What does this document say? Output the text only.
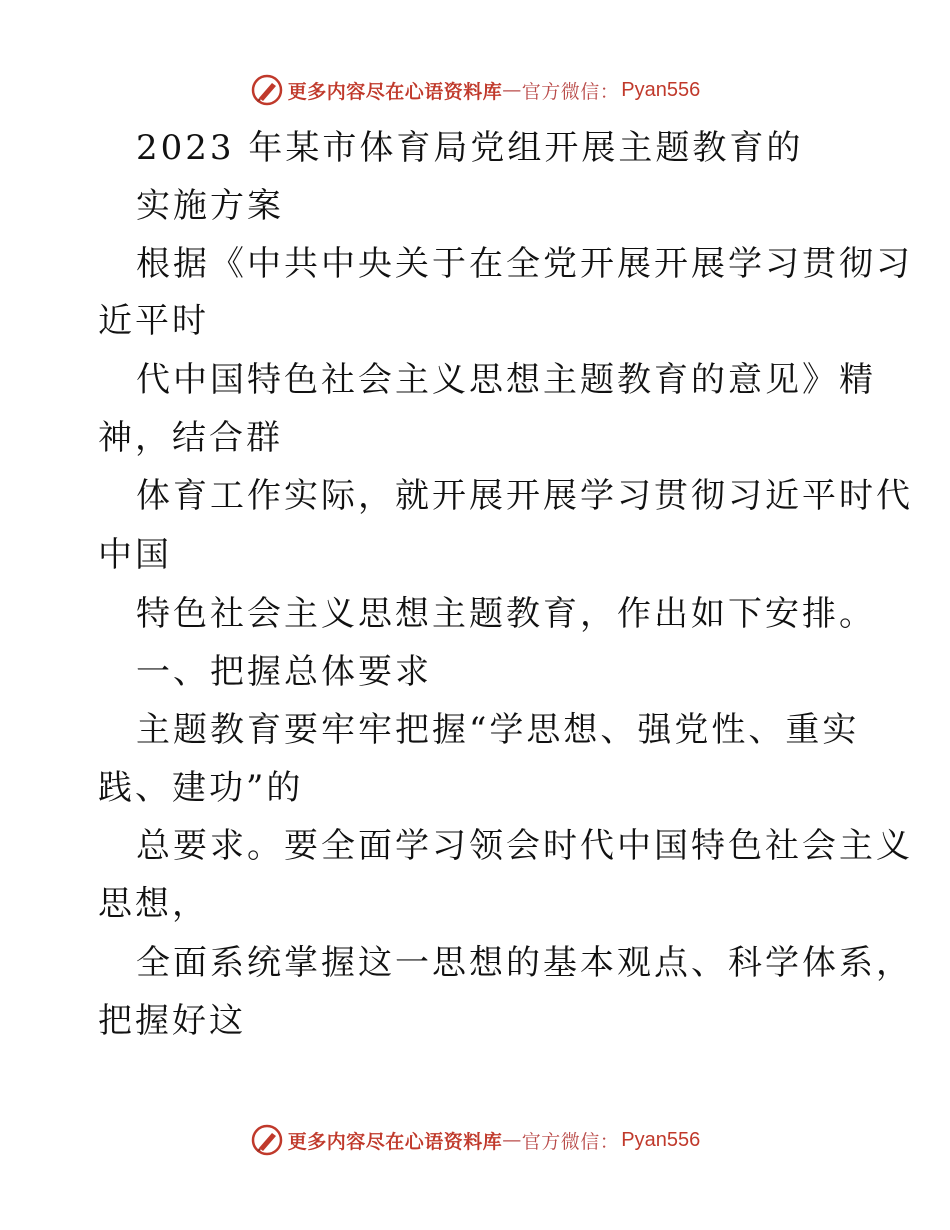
更多内容尽在心语资料库 — 官方微信： Pyan556
2023 年某市体育局党组开展主题教育的
实施方案
根据《中共中央关于在全党开展开展学习贯彻习
近平时
代中国特色社会主义思想主题教育的意见》精
神，结合群
体育工作实际，就开展开展学习贯彻习近平时代
中国
特色社会主义思想主题教育，作出如下安排。
一、把握总体要求
主题教育要牢牢把握“学思想、强党性、重实
践、建功”的
总要求。要全面学习领会时代中国特色社会主义
思想，
全面系统掌握这一思想的基本观点、科学体系，
把握好这
更多内容尽在心语资料库 — 官方微信： Pyan556
